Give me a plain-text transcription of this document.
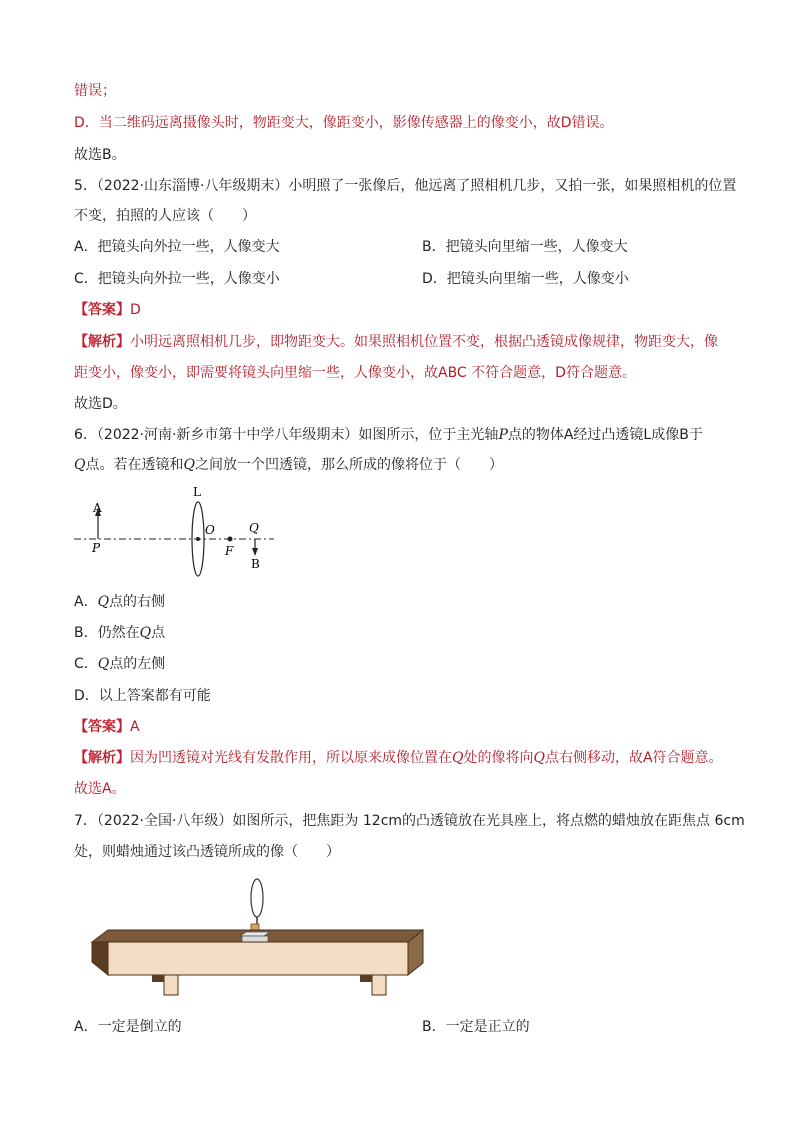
错误；

D．当二维码远离摄像头时，物距变大，像距变小，影像传感器上的像变小，故D错误。

故选B。

5．（2022·山东淄博·八年级期末）小明照了一张像后，他远离了照相机几步，又拍一张，如果照相机的位置

不变，拍照的人应该（　　）

A．把镜头向外拉一些，人像变大	B．把镜头向里缩一些，人像变大

C．把镜头向外拉一些，人像变小	D．把镜头向里缩一些，人像变小

【答案】D

【解析】小明远离照相机几步，即物距变大。如果照相机位置不变，根据凸透镜成像规律，物距变大，像

距变小，像变小，即需要将镜头向里缩一些，人像变小，故ABC 不符合题意，D符合题意。

故选D。

6．（2022·河南·新乡市第十中学八年级期末）如图所示，位于主光轴P点的物体A经过凸透镜L成像B于

Q点。若在透镜和Q之间放一个凹透镜，那么所成的像将位于（　　）

A
P
L
O
F
Q
B

A．Q点的右侧

B．仍然在Q点

C．Q点的左侧

D．以上答案都有可能

【答案】A

【解析】因为凹透镜对光线有发散作用，所以原来成像位置在Q处的像将向Q点右侧移动，故A符合题意。

故选A。

7．（2022·全国·八年级）如图所示，把焦距为 12cm的凸透镜放在光具座上，将点燃的蜡烛放在距焦点 6cm

处，则蜡烛通过该凸透镜所成的像（　　）

A．一定是倒立的	B．一定是正立的
